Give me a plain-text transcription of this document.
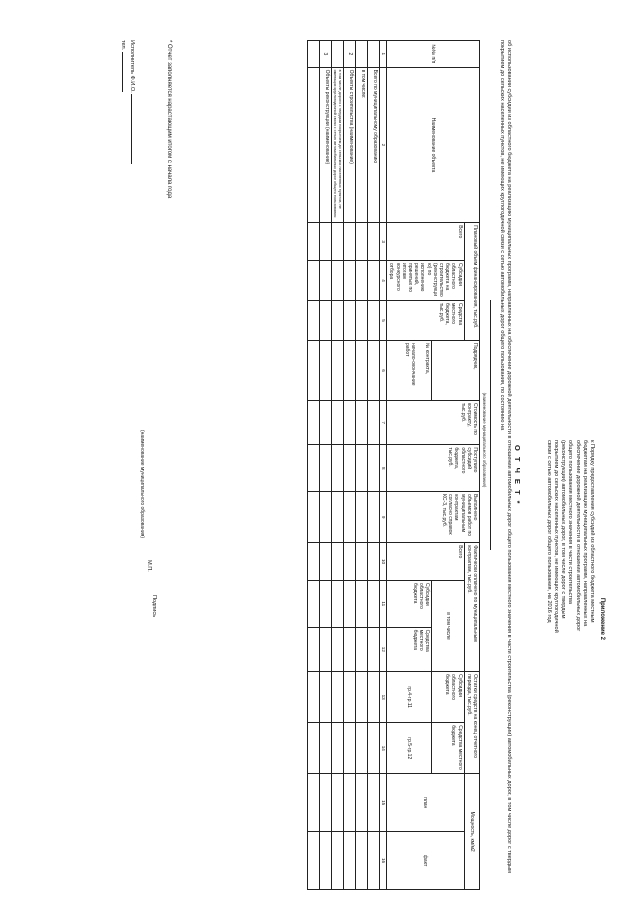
Приложение 2
к Порядку предоставления субсидий из областного бюджета местным
бюджетам на реализацию муниципальных программ, направленных на
обеспечение дорожной деятельности в отношении автомобильных дорог
общего пользования местного значения в части строительства
(реконструкции) автомобильных дорог, в том числе дорог с твердым
покрытием до сельских населенных пунктов, не имеющих круглогодичной
связи с сетью автомобильных дорог общего пользования, на 2016 год
О Т Ч Е Т *
об использовании субсидии из областного бюджета на реализацию муниципальных программ, направленных на обеспечение дорожной деятельности в отношении автомобильных дорог общего пользования местного значения в части строительства (реконструкции) автомобильных дорог, в том числе дорог с твердым покрытием до сельских населенных пунктов, не имеющих круглогодичной связи с сетью автомобильных дорог общего пользования, по состоянию на
(наименование муниципального образования)
№№ п/п	Наименование объекта	Плановый объем финансирования, тыс.руб.			Подрядчик,	Стоимость по контракту, тыс.руб.	Поступило субсидий областного бюджета, тыс.руб.	Выполнено объемов работ по муниципальным контрактам согласно справок КС-3, тыс.руб.	Фактически оплачено по муниципальным контрактам, тыс.руб.			Остатки средств на конец отчетного периода, тыс.руб.		Мощность, км/м2	
		Всего	Субсидии областного бюджета на строительство (реконструкцию) по исполнению решений, принятых по итогам конкурсного отбора	Средства местного бюджета, тыс.руб.					Всего	в том числе		Субсидии областного бюджета	Средства местного бюджета	план	факт

					№ контракта,
начало-окончание работ					Субсидии областного бюджета	Средства местного бюджета	гр.4-гр.11	гр.5-гр.12		
1	2	3	4	5	6	7	8	9	10	11	12	13	14	15	16
	Всего по муниципальному образованию														
	в том числе:														
2	Объекты строительства (наименование)														
	в том числе дороги с твердым покрытием до сельских населенных пунктов, не имеющих круглогодичной связи с сетью автомобильных дорог общего пользования														
3	Объекты реконструкции (наименование)														

* Отчет заполняется нарастающим итогом с начала года
Исполнитель Ф.И.О.
тел.
(наименование муниципального образования)
М.П.
Подпись
